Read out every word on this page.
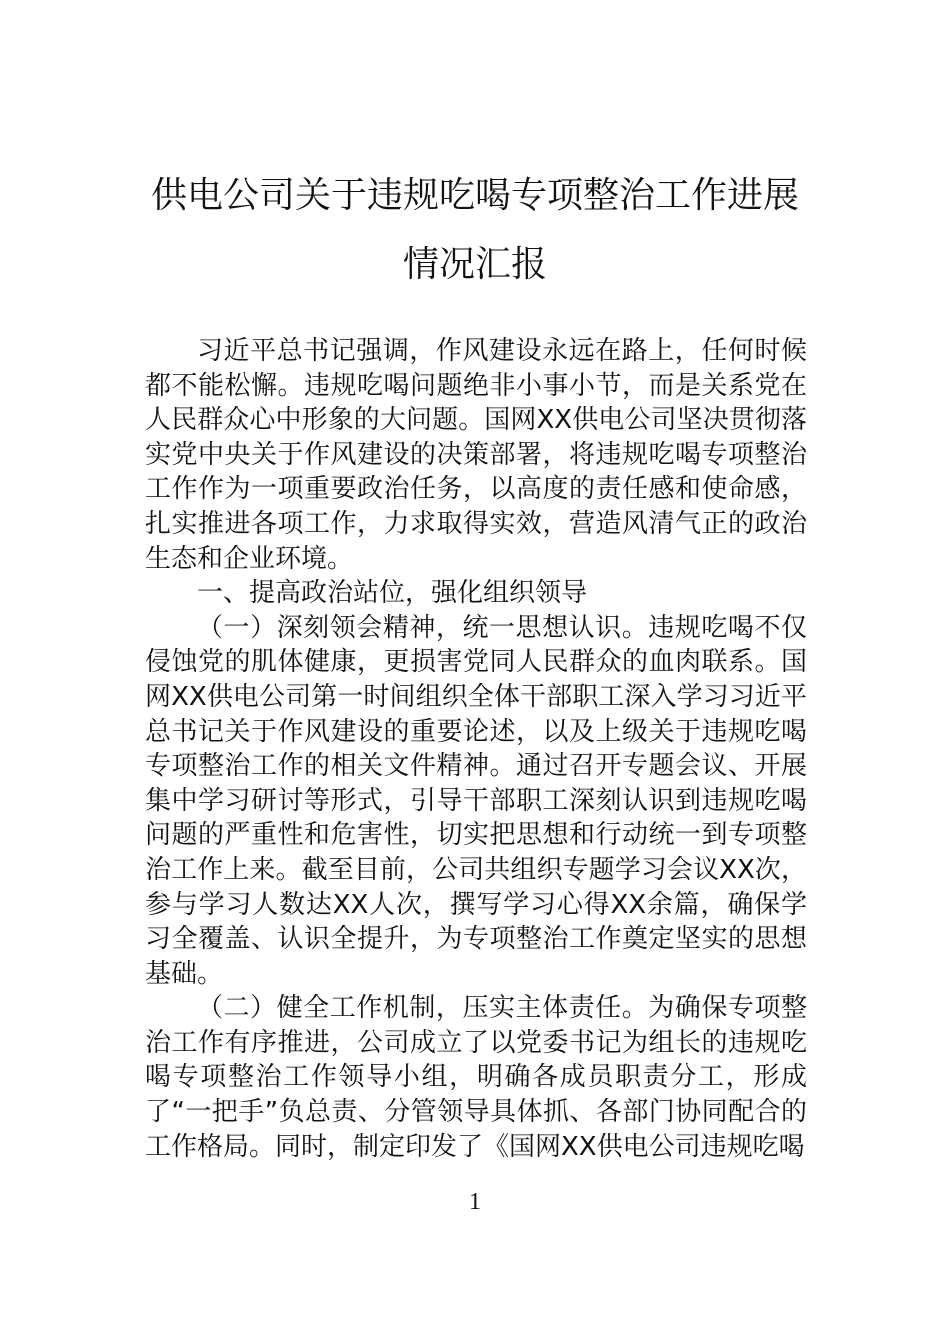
供电公司关于违规吃喝专项整治工作进展
情况汇报

习近平总书记强调，作风建设永远在路上，任何时候都不能松懈。违规吃喝问题绝非小事小节，而是关系党在人民群众心中形象的大问题。国网XX供电公司坚决贯彻落实党中央关于作风建设的决策部署，将违规吃喝专项整治工作作为一项重要政治任务，以高度的责任感和使命感，扎实推进各项工作，力求取得实效，营造风清气正的政治生态和企业环境。

一、提高政治站位，强化组织领导

（一）深刻领会精神，统一思想认识。违规吃喝不仅侵蚀党的肌体健康，更损害党同人民群众的血肉联系。国网XX供电公司第一时间组织全体干部职工深入学习习近平总书记关于作风建设的重要论述，以及上级关于违规吃喝专项整治工作的相关文件精神。通过召开专题会议、开展集中学习研讨等形式，引导干部职工深刻认识到违规吃喝问题的严重性和危害性，切实把思想和行动统一到专项整治工作上来。截至目前，公司共组织专题学习会议XX次，参与学习人数达XX人次，撰写学习心得XX余篇，确保学习全覆盖、认识全提升，为专项整治工作奠定坚实的思想基础。

（二）健全工作机制，压实主体责任。为确保专项整治工作有序推进，公司成立了以党委书记为组长的违规吃喝专项整治工作领导小组，明确各成员职责分工，形成了“一把手”负总责、分管领导具体抓、各部门协同配合的工作格局。同时，制定印发了《国网XX供电公司违规吃喝

1
